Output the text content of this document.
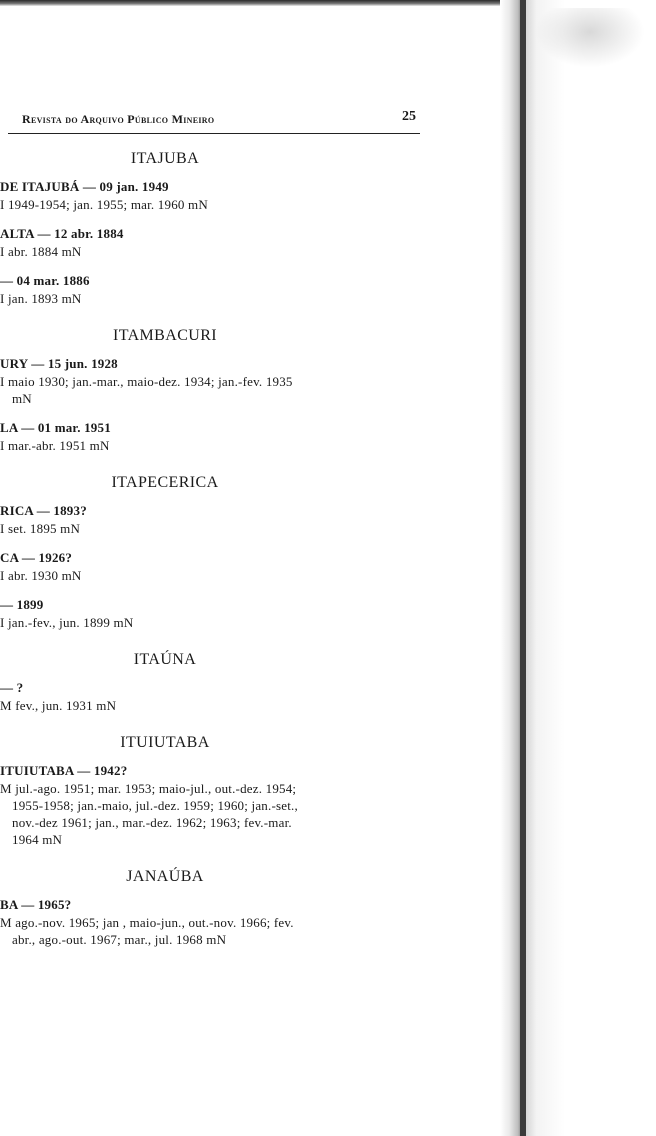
Revista do Arquivo Público Mineiro	25
ITAJUBA
DE ITAJUBÁ — 09 jan. 1949
I 1949-1954; jan. 1955; mar. 1960 mN
ALTA — 12 abr. 1884
I abr. 1884 mN
— 04 mar. 1886
I jan. 1893 mN
ITAMBACURI
URY — 15 jun. 1928
I maio 1930; jan.-mar., maio-dez. 1934; jan.-fev. 1935
mN
LA — 01 mar. 1951
I mar.-abr. 1951 mN
ITAPECERICA
RICA — 1893?
I set. 1895 mN
CA — 1926?
I abr. 1930 mN
— 1899
I jan.-fev., jun. 1899 mN
ITAÚNA
— ?
M fev., jun. 1931 mN
ITUIUTABA
ITUIUTABA — 1942?
M jul.-ago. 1951; mar. 1953; maio-jul., out.-dez. 1954;
1955-1958; jan.-maio, jul.-dez. 1959; 1960; jan.-set.,
nov.-dez 1961; jan., mar.-dez. 1962; 1963; fev.-mar.
1964 mN
JANAÚBA
BA — 1965?
M ago.-nov. 1965; jan , maio-jun., out.-nov. 1966; fev.
abr., ago.-out. 1967; mar., jul. 1968 mN
